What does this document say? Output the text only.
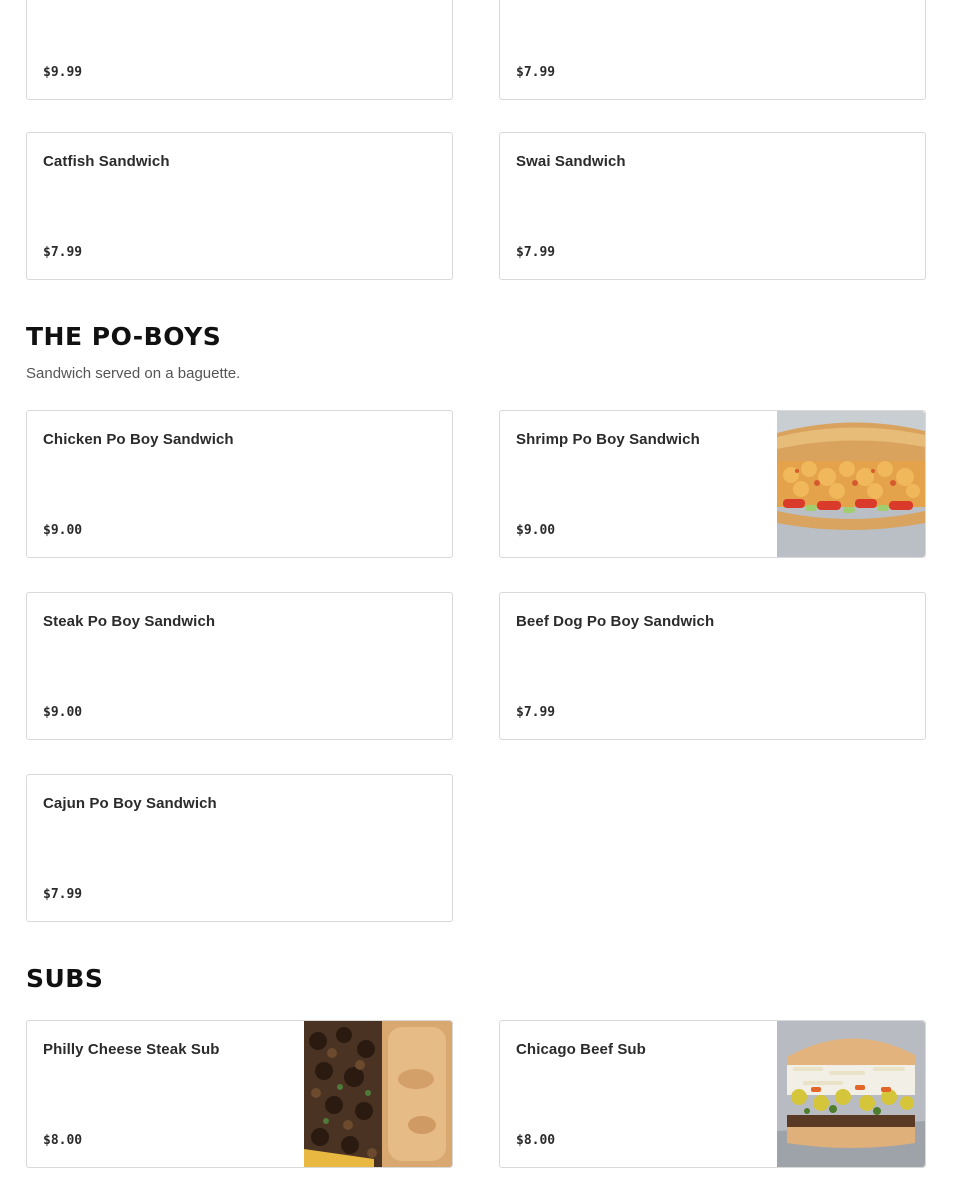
$9.99	$7.99
Catfish Sandwich
$7.99
Swai Sandwich
$7.99
THE PO-BOYS

Sandwich served on a baguette.

Chicken Po Boy Sandwich
$9.00
Shrimp Po Boy Sandwich
$9.00
Steak Po Boy Sandwich
$9.00
Beef Dog Po Boy Sandwich
$7.99
Cajun Po Boy Sandwich
$7.99
SUBS
Philly Cheese Steak Sub
$8.00
Chicago Beef Sub
$8.00
